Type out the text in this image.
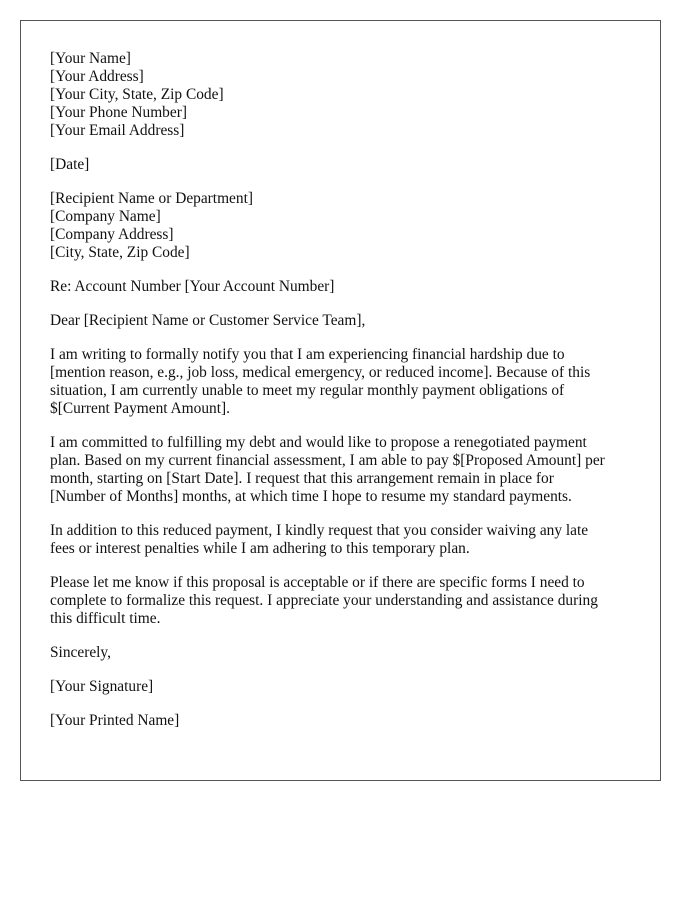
[Your Name]
[Your Address]
[Your City, State, Zip Code]
[Your Phone Number]
[Your Email Address]

[Date]

[Recipient Name or Department]
[Company Name]
[Company Address]
[City, State, Zip Code]

Re: Account Number [Your Account Number]

Dear [Recipient Name or Customer Service Team],

I am writing to formally notify you that I am experiencing financial hardship due to
[mention reason, e.g., job loss, medical emergency, or reduced income]. Because of this
situation, I am currently unable to meet my regular monthly payment obligations of
$[Current Payment Amount].

I am committed to fulfilling my debt and would like to propose a renegotiated payment
plan. Based on my current financial assessment, I am able to pay $[Proposed Amount] per
month, starting on [Start Date]. I request that this arrangement remain in place for
[Number of Months] months, at which time I hope to resume my standard payments.

In addition to this reduced payment, I kindly request that you consider waiving any late
fees or interest penalties while I am adhering to this temporary plan.

Please let me know if this proposal is acceptable or if there are specific forms I need to
complete to formalize this request. I appreciate your understanding and assistance during
this difficult time.

Sincerely,

[Your Signature]

[Your Printed Name]
